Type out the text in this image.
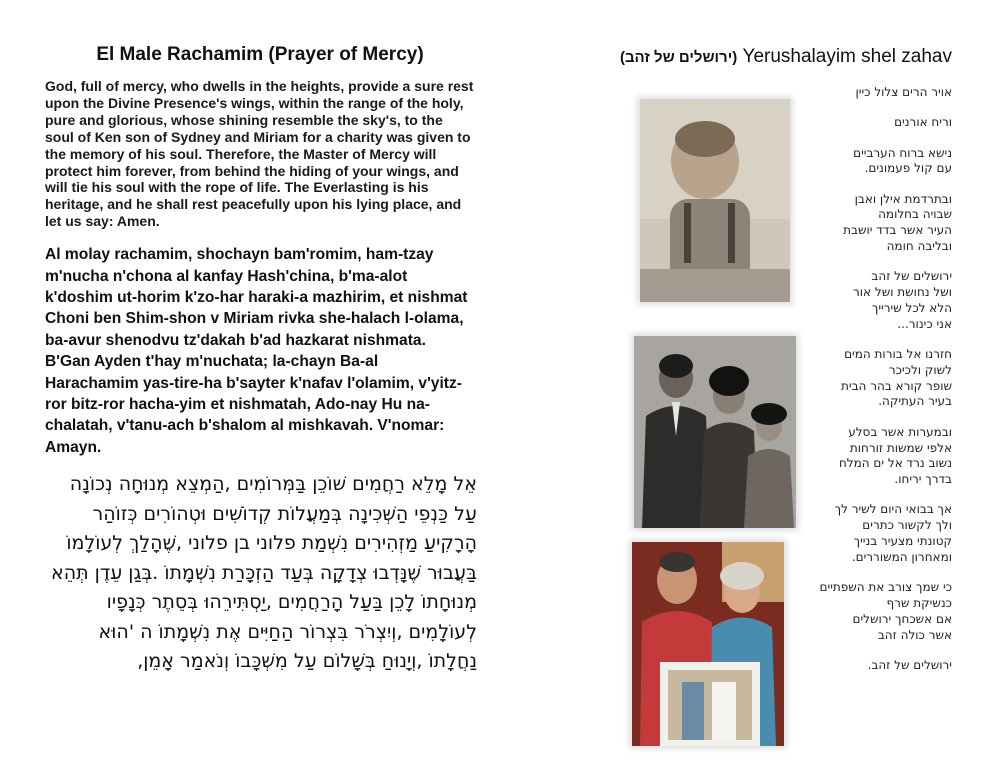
El Male Rachamim (Prayer of Mercy)

God, full of mercy, who dwells in the heights, provide a sure rest upon the Divine Presence's wings, within the range of the holy, pure and glorious, whose shining resemble the sky's, to the soul of Ken son of Sydney and Miriam for a charity was given to the memory of his soul. Therefore, the Master of Mercy will protect him forever, from behind the hiding of your wings, and will tie his soul with the rope of life. The Everlasting is his heritage, and he shall rest peacefully upon his lying place, and let us say: Amen.

Al molay rachamim, shochayn bam'romim, ham-tzay m'nucha n'chona al kanfay Hash'china, b'ma-alot k'doshim ut-horim k'zo-har haraki-a mazhirim, et nishmat Choni ben Shim-shon v Miriam rivka she-halach l-olama, ba-avur shenodvu tz'dakah b'ad hazkarat nishmata. B'Gan Ayden t'hay m'nuchata; la-chayn Ba-al Harachamim yas-tire-ha b'sayter k'nafav l'olamim, v'yitz-ror bitz-ror hacha-yim et nishmatah, Ado-nay Hu na-chalatah, v'tanu-ach b'shalom al mishkavah. V'nomar: Amayn.

אֵל מָלֵא רַחֲמִים שׁוֹכֵן בַּמְּרוֹמִים ,הַמְצֵא מְנוּחָה נְכוֹנָה עַל כַּנְפֵי הַשְּׁכִינָה בְּמַעֲלוֹת קְדוֹשִׁים וּטְהוֹרִים כְּזוֹהַר הָרָקִיעַ מַזְהִירִים נִשְׁמַת פלוני בן פלוני ,שֶׁהָלַךְ לְעוֹלָמוֹ בַּעֲבוּר שֶׁנָּדְבוּ צְדָקָה בְּעַד הַזְכָּרַת נִשְׁמָתוֹ .בְּגַן עֵדֶן תְּהֵא מְנוּחָתוֹ לָכֵן בַּעַל הָרַחֲמִים ,יַסְתִּירֵהוּ בְּסֵתֶר כְּנָפָיו לְעוֹלָמִים ,וְיִצְרֹר בִּצְרוֹר הַחַיִּים אֶת נִשְׁמָתוֹ ה 'הוּא נַחֲלָתוֹ ,וְיָנוּחַ בְּשָׁלוֹם עַל מִשְׁכָּבוֹ וְנֹאמַר אָמֵן,

(ירושלים של זהב) Yerushalayim shel zahav
אויר הרים צלול כיין
וריח אורנים
נישא ברוח הערביים
עם קול פעמונים.
ובתרדמת אילן ואבן
שבויה בחלומה
העיר אשר בדד יושבת
ובליבה חומה
ירושלים של זהב
ושל נחושת ושל אור
הלא לכל שירייך
אני כינור...
חזרנו אל בורות המים
לשוק ולכיכר
שופר קורא בהר הבית
בעיר העתיקה.
ובמערות אשר בסלע
אלפי שמשות זורחות
נשוב נרד אל ים המלח
בדרך יריחו.
אך בבואי היום לשיר לך
ולך לקשור כתרים
קטונתי מצעיר בנייך
ומאחרון המשוררים.
כי שמך צורב את השפתיים
כנשיקת שרף
אם אשכחך ירושלים
אשר כולה זהב
ירושלים של זהב.
